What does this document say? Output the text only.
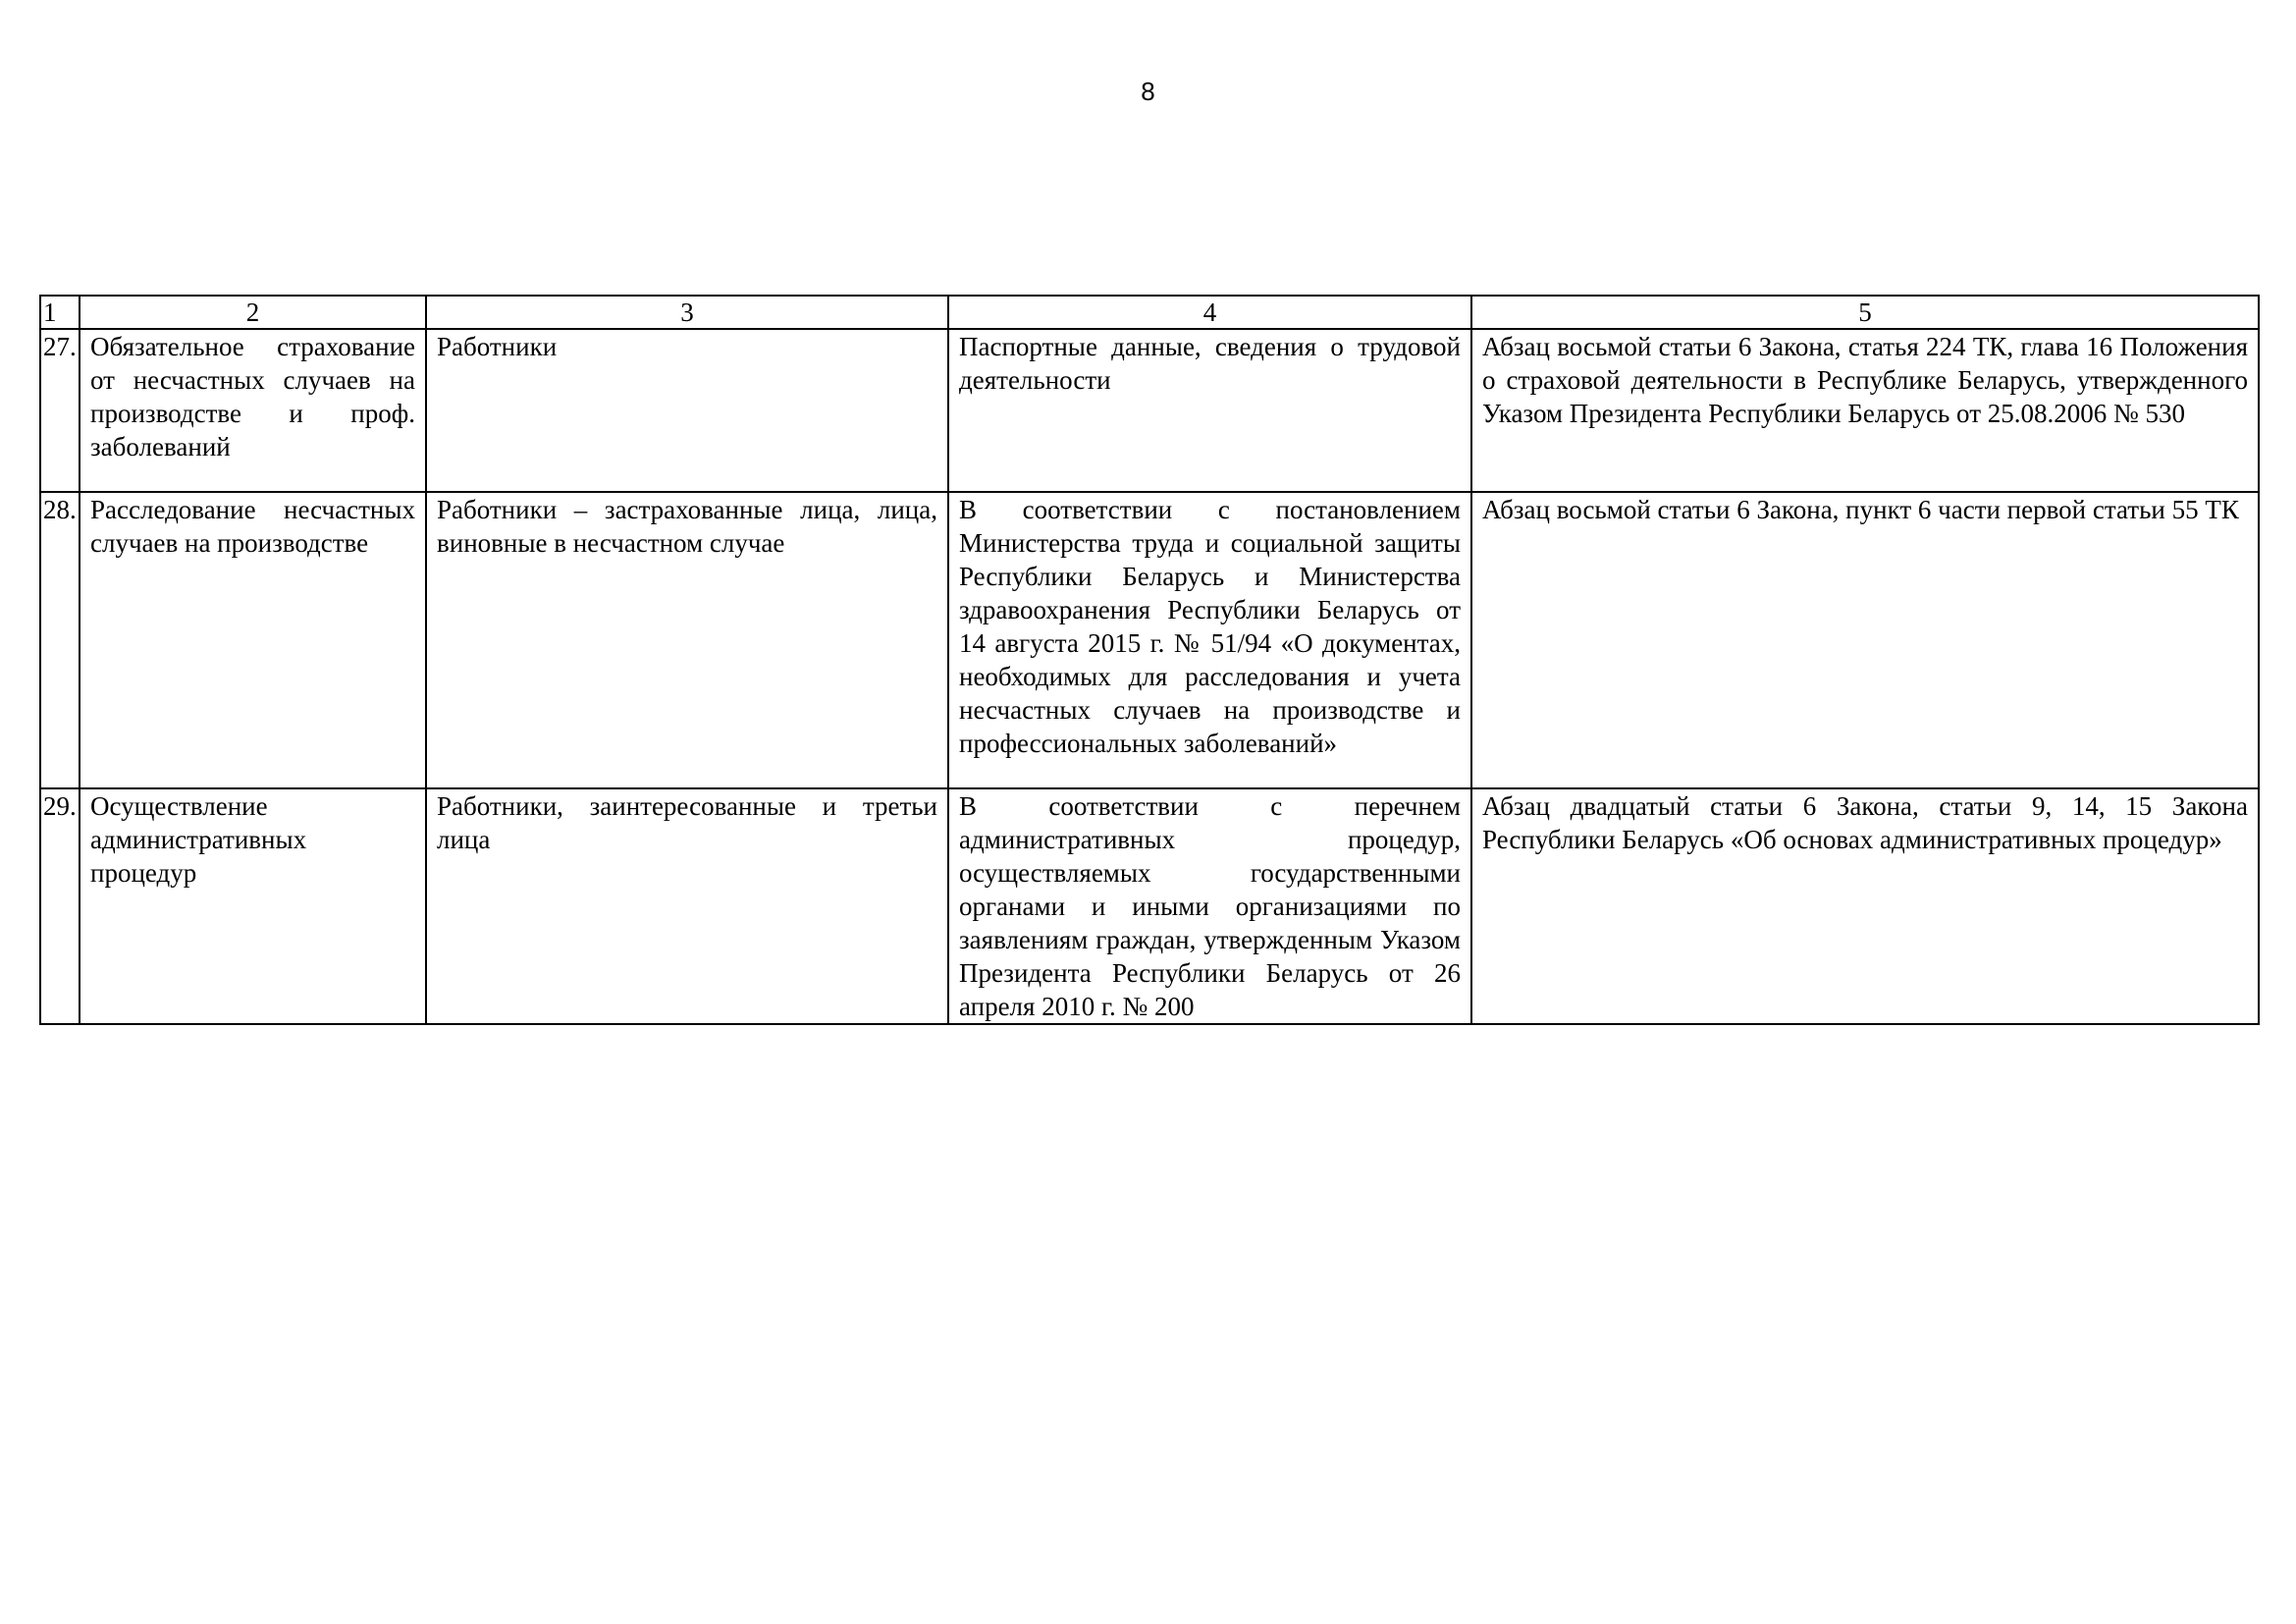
8
1	2	3	4	5
27.	Обязательное страхование от несчастных случаев на производстве и проф. заболеваний	Работники	Паспортные данные, сведения о трудовой деятельности	Абзац восьмой статьи 6 Закона, статья 224 ТК, глава 16 Положения о страховой деятельности в Республике Беларусь, утвержденного Указом Президента Республики Беларусь от 25.08.2006 № 530
28.	Расследование несчастных случаев на производстве	Работники – застрахованные лица, лица, виновные в несчастном случае	В соответствии с постановлением Министерства труда и социальной защиты Республики Беларусь и Министерства здравоохранения Республики Беларусь от 14 августа 2015 г. № 51/94 «О документах, необходимых для расследования и учета несчастных случаев на производстве и профессиональных заболеваний»	Абзац восьмой статьи 6 Закона, пункт 6 части первой статьи 55 ТК
29.	Осуществление административных процедур	Работники, заинтересованные и третьи лица	В соответствии с перечнем административных процедур, осуществляемых государственными органами и иными организациями по заявлениям граждан, утвержденным Указом Президента Республики Беларусь от 26 апреля 2010 г. № 200	Абзац двадцатый статьи 6 Закона, статьи 9, 14, 15 Закона Республики Беларусь «Об основах административных процедур»
